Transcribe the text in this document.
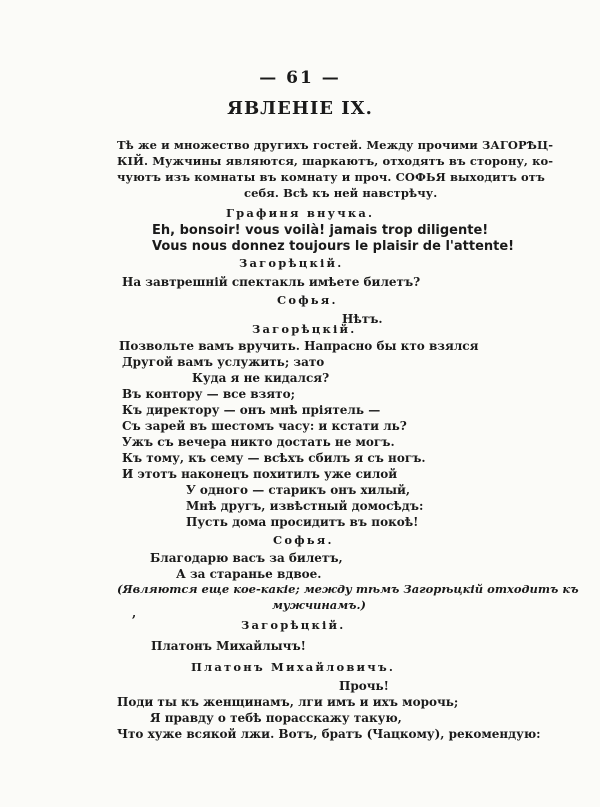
— 61 —
ЯВЛЕНІЕ IX.
Тѣ же и множество другихъ гостей. Между прочими ЗАГОРѢЦ-
КІЙ. Мужчины являются, шаркаютъ, отходятъ въ сторону, ко-
чуютъ изъ комнаты въ комнату и проч. СОФЬЯ выходитъ отъ
себя. Всѣ къ ней навстрѣчу.
Графиня внучка.
Eh, bonsoir! vous voilà! jamais trop diligente!
Vous nous donnez toujours le plaisir de l'attente!
Загорѣцкій.
На завтрешній спектакль имѣете билетъ?
Софья.
Нѣтъ.
Загорѣцкій.
Позвольте вамъ вручить. Напрасно бы кто взялся
Другой вамъ услужить; зато
Куда я не кидался?
Въ контору — все взято;
Къ директору — онъ мнѣ пріятель —
Съ зарей въ шестомъ часу: и кстати ль?
Ужъ съ вечера никто достать не могъ.
Къ тому, къ сему — всѣхъ сбилъ я съ ногъ.
И этотъ наконецъ похитилъ уже силой
У одного — старикъ онъ хилый,
Мнѣ другъ, извѣстный домосѣдъ:
Пусть дома просидитъ въ покоѣ!
Софья.
Благодарю васъ за билетъ,
А за старанье вдвое.
(Являются еще кое-какіе; между тѣмъ Загорѣцкій отходитъ къ
мужчинамъ.)
,
Загорѣцкій.
Платонъ Михайлычъ!
Платонъ Михайловичъ.
Прочь!
Поди ты къ женщинамъ, лги имъ и ихъ морочь;
Я правду о тебѣ порасскажу такую,
Что хуже всякой лжи. Вотъ, братъ (Чацкому), рекомендую:
